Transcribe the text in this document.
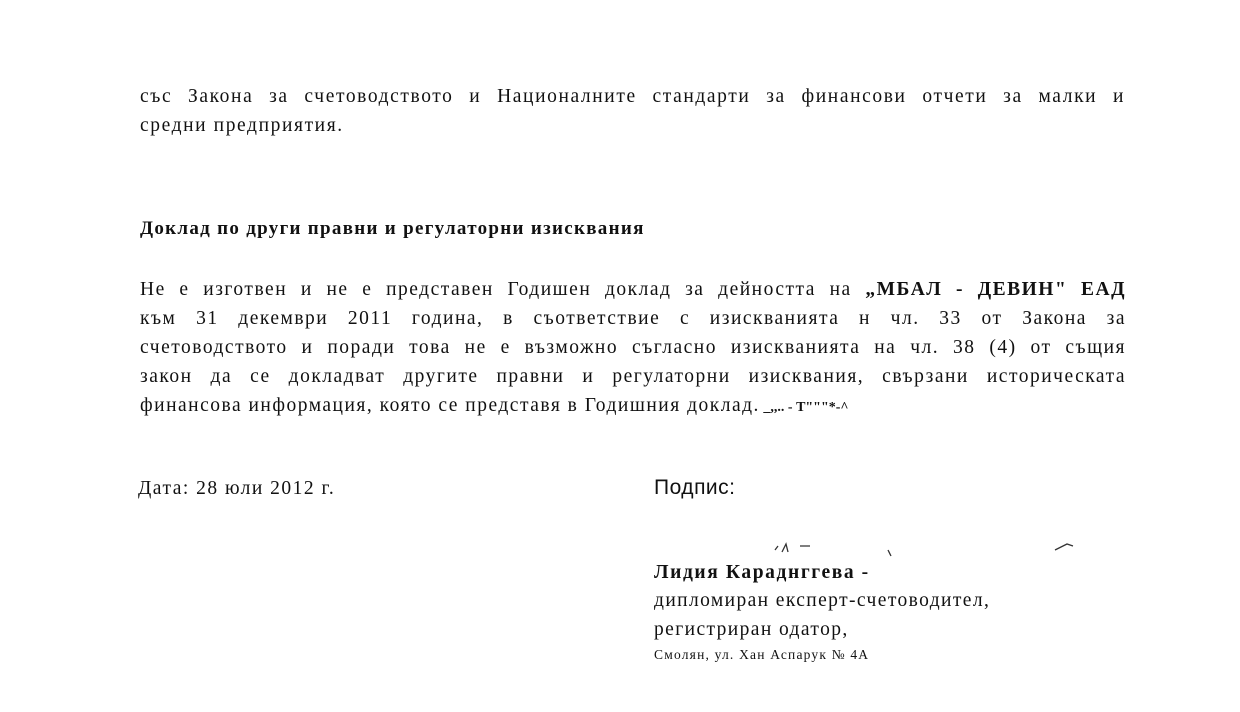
със Закона за счетоводството и Националните стандарти за финансови отчети за малки и
средни предприятия.
Доклад по други правни и регулаторни изисквания
Не е изготвен и не е представен Годишен доклад за дейността на „МБАЛ - ДЕВИН" ЕАД
към 31 декември 2011 година, в съответствие с изискванията н чл. 33 от Закона за
счетоводството и поради това не е възможно съгласно изискванията на чл. 38 (4) от същия
закон да се докладват другите правни и регулаторни изисквания, свързани историческата
финансова информация, която се представя в Годишния доклад. _,,.. - Т"""*-^
Дата: 28 юли 2012 г.	Подпис:
Лидия Караднггева -
дипломиран експерт-счетоводител,
регистриран одатор,
Смолян, ул. Хан Аспарук № 4А
